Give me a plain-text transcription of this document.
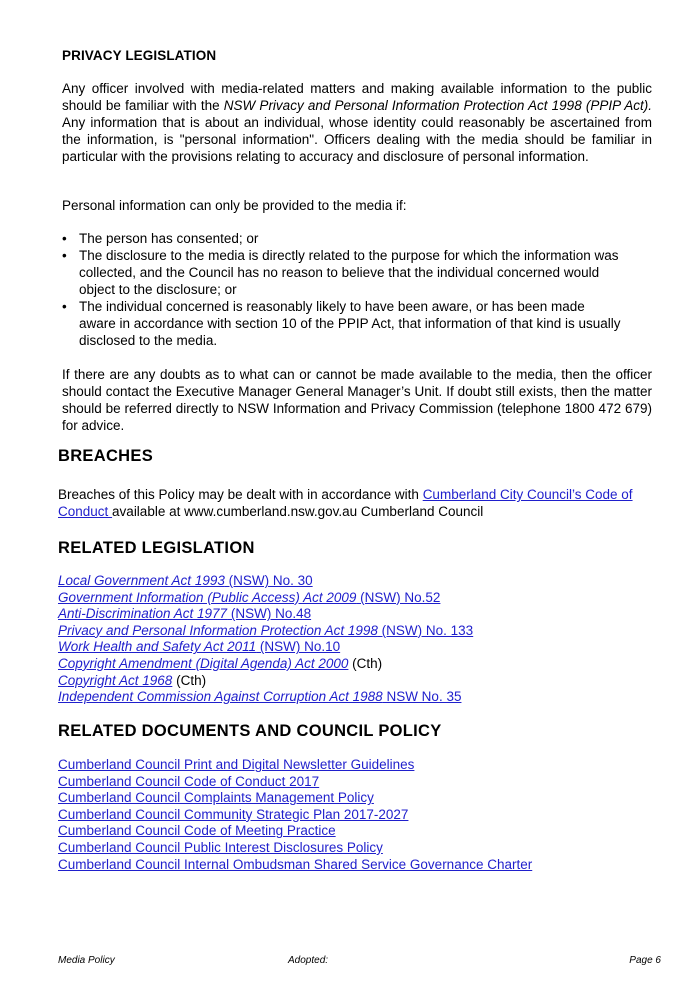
PRIVACY LEGISLATION
Any officer involved with media-related matters and making available information to the public should be familiar with the NSW Privacy and Personal Information Protection Act 1998 (PPIP Act). Any information that is about an individual, whose identity could reasonably be ascertained from the information, is "personal information". Officers dealing with the media should be familiar in particular with the provisions relating to accuracy and disclosure of personal information.
Personal information can only be provided to the media if:
• The person has consented; or
• The disclosure to the media is directly related to the purpose for which the information was collected, and the Council has no reason to believe that the individual concerned would object to the disclosure; or
• The individual concerned is reasonably likely to have been aware, or has been made aware in accordance with section 10 of the PPIP Act, that information of that kind is usually disclosed to the media.
If there are any doubts as to what can or cannot be made available to the media, then the officer should contact the Executive Manager General Manager’s Unit. If doubt still exists, then the matter should be referred directly to NSW Information and Privacy Commission (telephone 1800 472 679) for advice.
BREACHES
Breaches of this Policy may be dealt with in accordance with Cumberland City Council’s Code of Conduct available at www.cumberland.nsw.gov.au Cumberland Council
RELATED LEGISLATION
Local Government Act 1993 (NSW) No. 30
Government Information (Public Access) Act 2009 (NSW) No.52
Anti-Discrimination Act 1977 (NSW) No.48
Privacy and Personal Information Protection Act 1998 (NSW) No. 133
Work Health and Safety Act 2011 (NSW) No.10
Copyright Amendment (Digital Agenda) Act 2000 (Cth)
Copyright Act 1968 (Cth)
Independent Commission Against Corruption Act 1988 NSW No. 35
RELATED DOCUMENTS AND COUNCIL POLICY
Cumberland Council Print and Digital Newsletter Guidelines
Cumberland Council Code of Conduct 2017
Cumberland Council Complaints Management Policy
Cumberland Council Community Strategic Plan 2017-2027
Cumberland Council Code of Meeting Practice
Cumberland Council Public Interest Disclosures Policy
Cumberland Council Internal Ombudsman Shared Service Governance Charter
Media Policy	Adopted:	Page 6
